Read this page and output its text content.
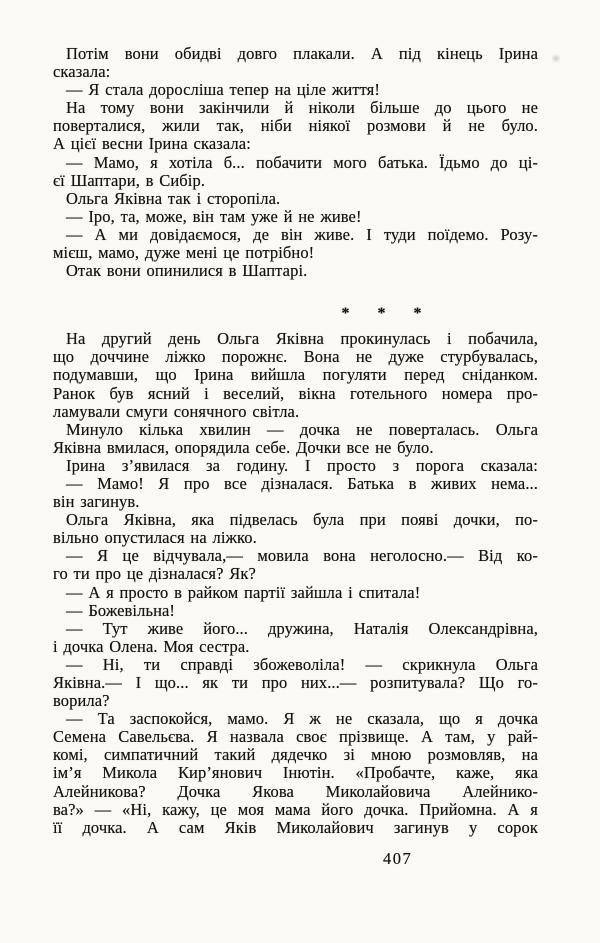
Потім вони обидві довго плакали. А під кінець Ірина
сказала:
— Я стала доросліша тепер на ціле життя!
На тому вони закінчили й ніколи більше до цього не
поверталися, жили так, ніби ніякої розмови й не було.
А цієї весни Ірина сказала:
— Мамо, я хотіла б... побачити мого батька. Їдьмо до ці-
єї Шаптари, в Сибір.
Ольга Яківна так і сторопіла.
— Іро, та, може, він там уже й не живе!
— А ми довідаємося, де він живе. І туди поїдемо. Розу-
мієш, мамо, дуже мені це потрібно!
Отак вони опинилися в Шаптарі.
* * *
На другий день Ольга Яківна прокинулась і побачила,
що доччине ліжко порожнє. Вона не дуже стурбувалась,
подумавши, що Ірина вийшла погуляти перед сніданком.
Ранок був ясний і веселий, вікна готельного номера про-
ламували смуги сонячного світла.
Минуло кілька хвилин — дочка не поверталась. Ольга
Яківна вмилася, опорядила себе. Дочки все не було.
Ірина з’явилася за годину. І просто з порога сказала:
— Мамо! Я про все дізналася. Батька в живих нема...
він загинув.
Ольга Яківна, яка підвелась була при появі дочки, по-
вільно опустилася на ліжко.
— Я це відчувала,— мовила вона неголосно.— Від ко-
го ти про це дізналася? Як?
— А я просто в райком партії зайшла і спитала!
— Божевільна!
— Тут живе його... дружина, Наталія Олександрівна,
і дочка Олена. Моя сестра.
— Ні, ти справді збожеволіла! — скрикнула Ольга
Яківна.— І що... як ти про них...— розпитувала? Що го-
ворила?
— Та заспокойся, мамо. Я ж не сказала, що я дочка
Семена Савельєва. Я назвала своє прізвище. А там, у рай-
комі, симпатичний такий дядечко зі мною розмовляв, на
ім’я Микола Кир’янович Інютін. «Пробачте, каже, яка
Алейникова? Дочка Якова Миколайовича Алейнико-
ва?» — «Ні, кажу, це моя мама його дочка. Прийомна. А я
її дочка. А сам Яків Миколайович загинув у сорок
407
